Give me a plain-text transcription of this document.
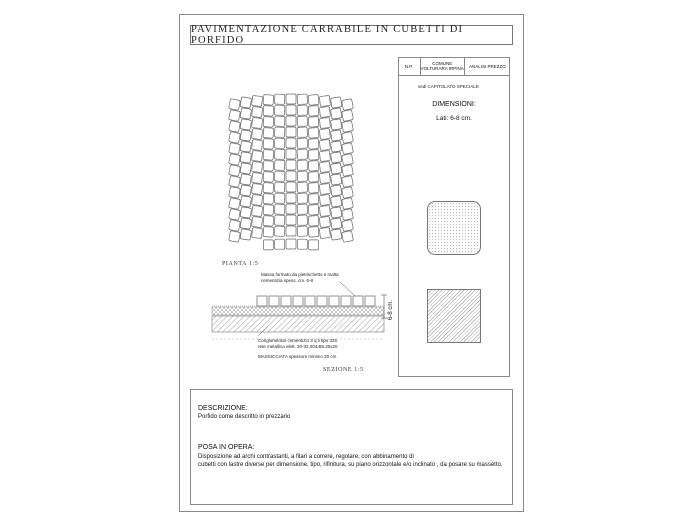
PAVIMENTAZIONE CARRABILE IN CUBETTI DI PORFIDO
PIANTA 1:5
Massa formato da pietrischetto e malta
cementizia spess. cm. 6-8
Conglomerato cementizio 3 q.li tipo 325
rete metallica elett. 20-32,004,B6.20x20
MASSICCIATA spessore minimo 20 cm
6-8 cm.
SEZIONE 1:5
N.P.	COMUNE VOLTURARA IRPINA	ANALISI PREZZO
vedi CAPITOLATO SPECIALE
DIMENSIONI:
Lati: 6-8 cm.
DESCRIZIONE:
Porfido come descritto in prezzario
POSA IN OPERA:
Disposizione ad archi contrastanti, a filari a correre, regolare, con abbinamento di
cubetti con lastre diverse per dimensione, tipo, rifinitura, su piano orizzontale e/o inclinato , da posare su massetto.
